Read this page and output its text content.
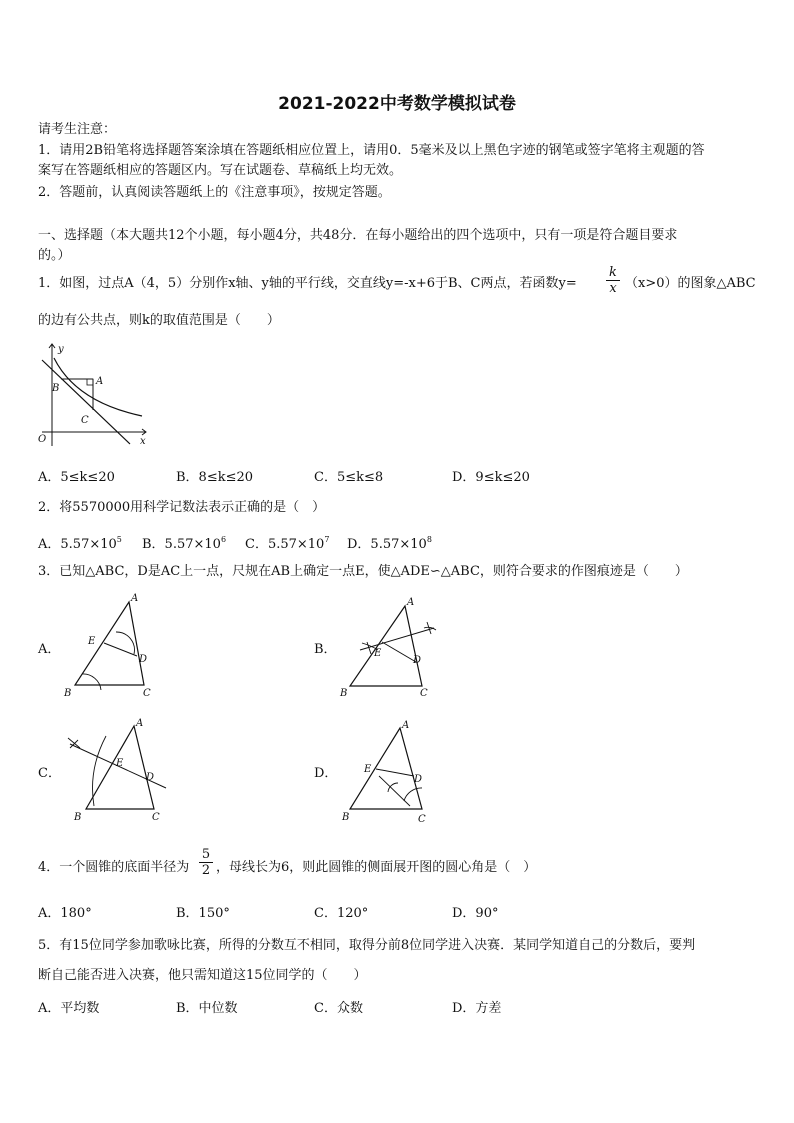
2021-2022中考数学模拟试卷
请考生注意：
1．请用2B铅笔将选择题答案涂填在答题纸相应位置上，请用0．5毫米及以上黑色字迹的钢笔或签字笔将主观题的答
案写在答题纸相应的答题区内。写在试题卷、草稿纸上均无效。
2．答题前，认真阅读答题纸上的《注意事项》，按规定答题。
一、选择题（本大题共12个小题，每小题4分，共48分．在每小题给出的四个选项中，只有一项是符合题目要求
的。）
1．如图，过点A（4，5）分别作x轴、y轴的平行线，交直线y=-x+6于B、C两点，若函数$y= \frac{k}{x} (x>0)$的图象△ABC
的边有公共点，则k的取值范围是（　　）
y
x
O
A
B
C
A．5≤k≤20	B．8≤k≤20	C．5≤k≤8	D．9≤k≤20
2．将5570000用科学记数法表示正确的是（　）
A．$5.57\times 10^5$ B．$5.57\times 10^6$ C．$5.57\times 10^7$ D．$5.57\times 10^8$
3．已知△ABC，D是AC上一点，尺规在AB上确定一点E，使△ADE∽△ABC，则符合要求的作图痕迹是（　　）
A．	B．
C．	D．
A
E
D
B	C
A
E
D
B	C
A
E
D
B	C
A
E
D
B	C
4．一个圆锥的底面半径为 $\frac{5}{2}$ ，母线长为6，则此圆锥的侧面展开图的圆心角是（　）
A．180°	B．150°	C．120°	D．90°
5．有15位同学参加歌咏比赛，所得的分数互不相同，取得分前8位同学进入决赛．某同学知道自己的分数后，要判
断自己能否进入决赛，他只需知道这15位同学的（　　）
A．平均数	B．中位数	C．众数	D．方差
